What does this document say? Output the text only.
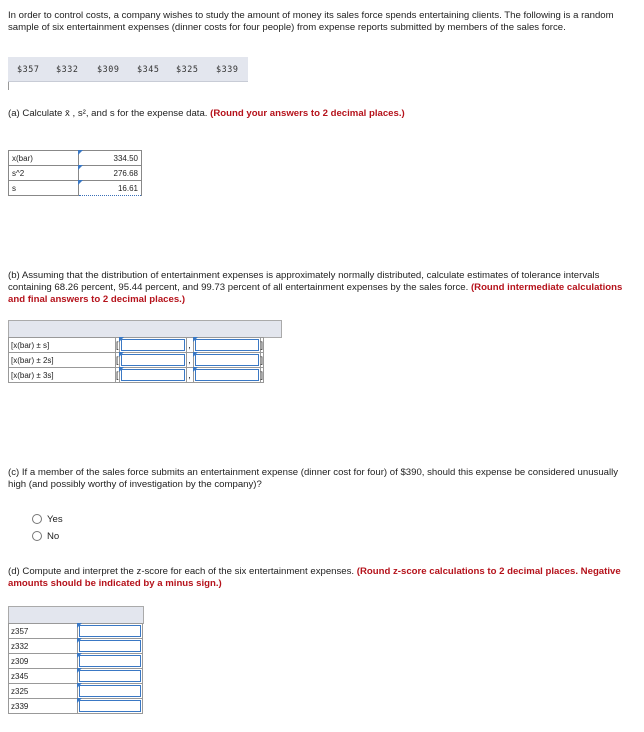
In order to control costs, a company wishes to study the amount of money its sales force spends entertaining clients. The following is a random sample of six entertainment expenses (dinner costs for four people) from expense reports submitted by members of the sales force.
$357 $332 $309 $345 $325 $339
(a) Calculate x̄ , s², and s for the expense data. (Round your answers to 2 decimal places.)
x(bar)	334.50
s^2	276.68
s	16.61
(b) Assuming that the distribution of entertainment expenses is approximately normally distributed, calculate estimates of tolerance intervals containing 68.26 percent, 95.44 percent, and 99.73 percent of all entertainment expenses by the sales force. (Round intermediate calculations and final answers to 2 decimal places.)
[x(bar) ± s]	[		,		]
[x(bar) ± 2s]	[		,		]
[x(bar) ± 3s]	[		,		]
(c) If a member of the sales force submits an entertainment expense (dinner cost for four) of $390, should this expense be considered unusually high (and possibly worthy of investigation by the company)?
Yes
No
(d) Compute and interpret the z-score for each of the six entertainment expenses. (Round z-score calculations to 2 decimal places. Negative amounts should be indicated by a minus sign.)
z357	

z332	

z309	

z345	

z325	

z339	
